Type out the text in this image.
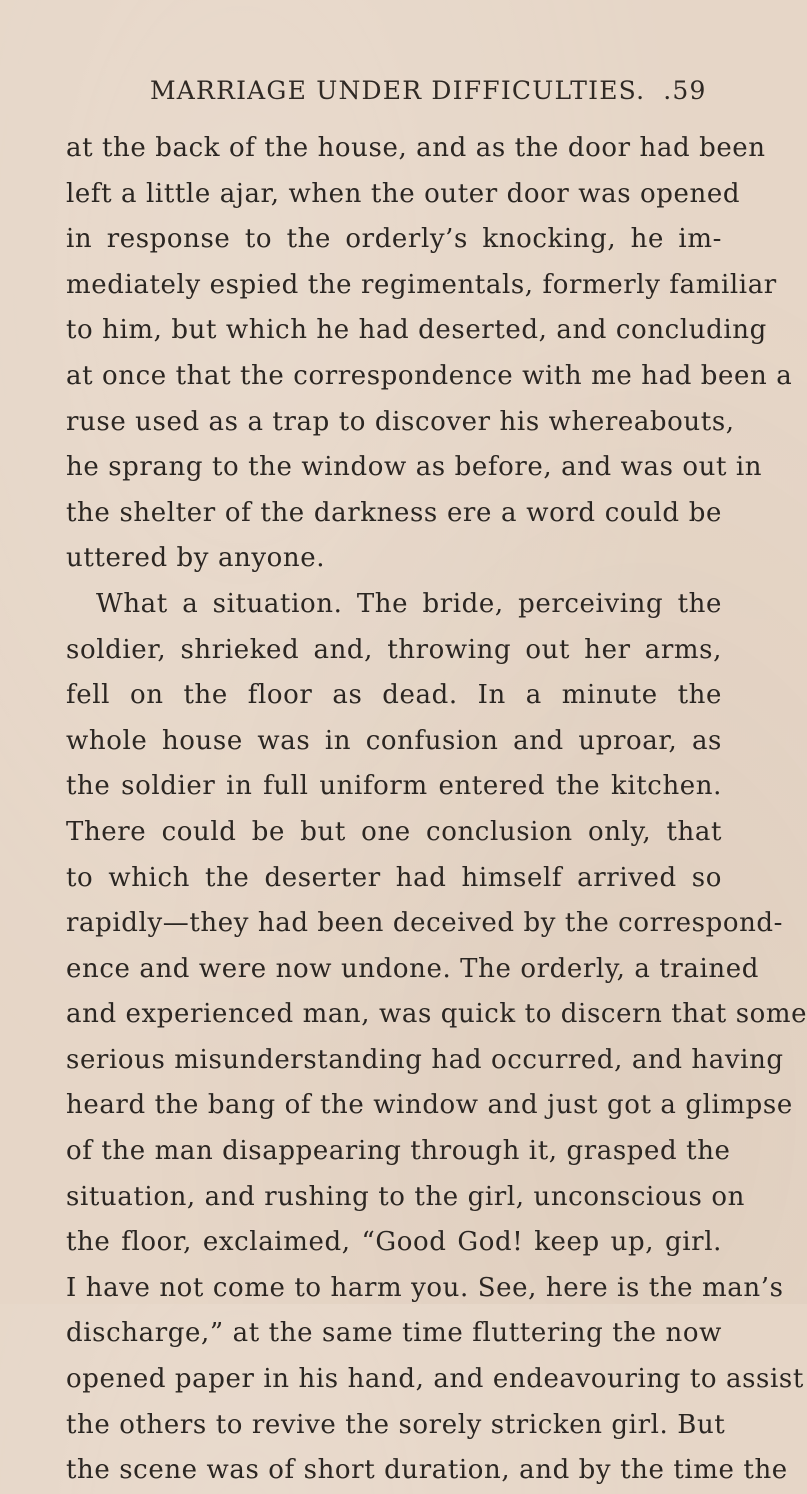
MARRIAGE UNDER DIFFICULTIES. . 59
at the back of the house, and as the door had been
left a little ajar, when the outer door was opened
in response to the orderly’s knocking, he im-
mediately espied the regimentals, formerly familiar
to him, but which he had deserted, and concluding
at once that the correspondence with me had been a
ruse used as a trap to discover his whereabouts,
he sprang to the window as before, and was out in
the shelter of the darkness ere a word could be
uttered by anyone.
What a situation. The bride, perceiving the
soldier, shrieked and, throwing out her arms,
fell on the floor as dead. In a minute the
whole house was in confusion and uproar, as
the soldier in full uniform entered the kitchen.
There could be but one conclusion only, that
to which the deserter had himself arrived so
rapidly—they had been deceived by the correspond-
ence and were now undone. The orderly, a trained
and experienced man, was quick to discern that some
serious misunderstanding had occurred, and having
heard the bang of the window and just got a glimpse
of the man disappearing through it, grasped the
situation, and rushing to the girl, unconscious on
the floor, exclaimed, “Good God! keep up, girl.
I have not come to harm you. See, here is the man’s
discharge,” at the same time fluttering the now
opened paper in his hand, and endeavouring to assist
the others to revive the sorely stricken girl. But
the scene was of short duration, and by the time the
